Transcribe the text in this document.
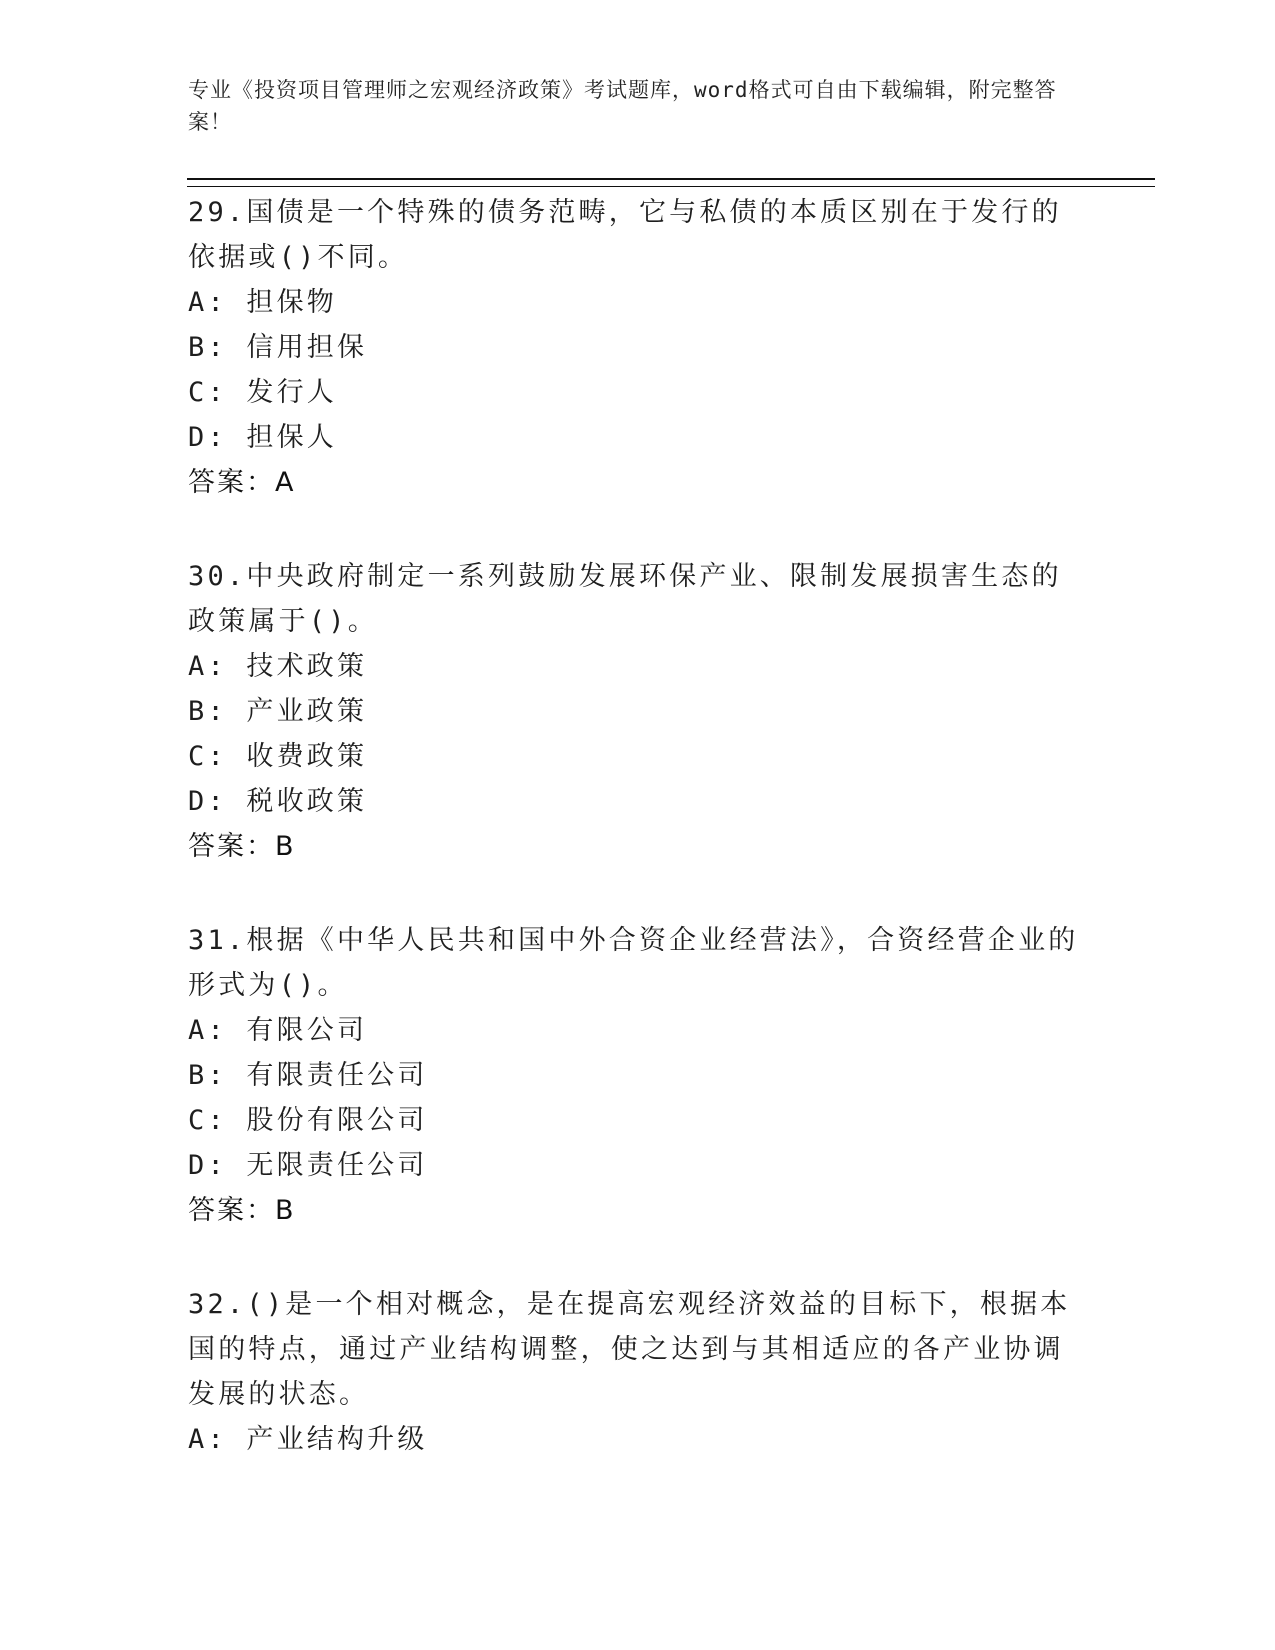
专业《投资项目管理师之宏观经济政策》考试题库，word格式可自由下载编辑，附完整答案！
29.国债是一个特殊的债务范畴，它与私债的本质区别在于发行的依据或()不同。
A: 担保物
B: 信用担保
C: 发行人
D: 担保人
答案：A
30.中央政府制定一系列鼓励发展环保产业、限制发展损害生态的政策属于()。
A: 技术政策
B: 产业政策
C: 收费政策
D: 税收政策
答案：B
31.根据《中华人民共和国中外合资企业经营法》，合资经营企业的形式为()。
A: 有限公司
B: 有限责任公司
C: 股份有限公司
D: 无限责任公司
答案：B
32.()是一个相对概念，是在提高宏观经济效益的目标下，根据本国的特点，通过产业结构调整，使之达到与其相适应的各产业协调发展的状态。
A: 产业结构升级
